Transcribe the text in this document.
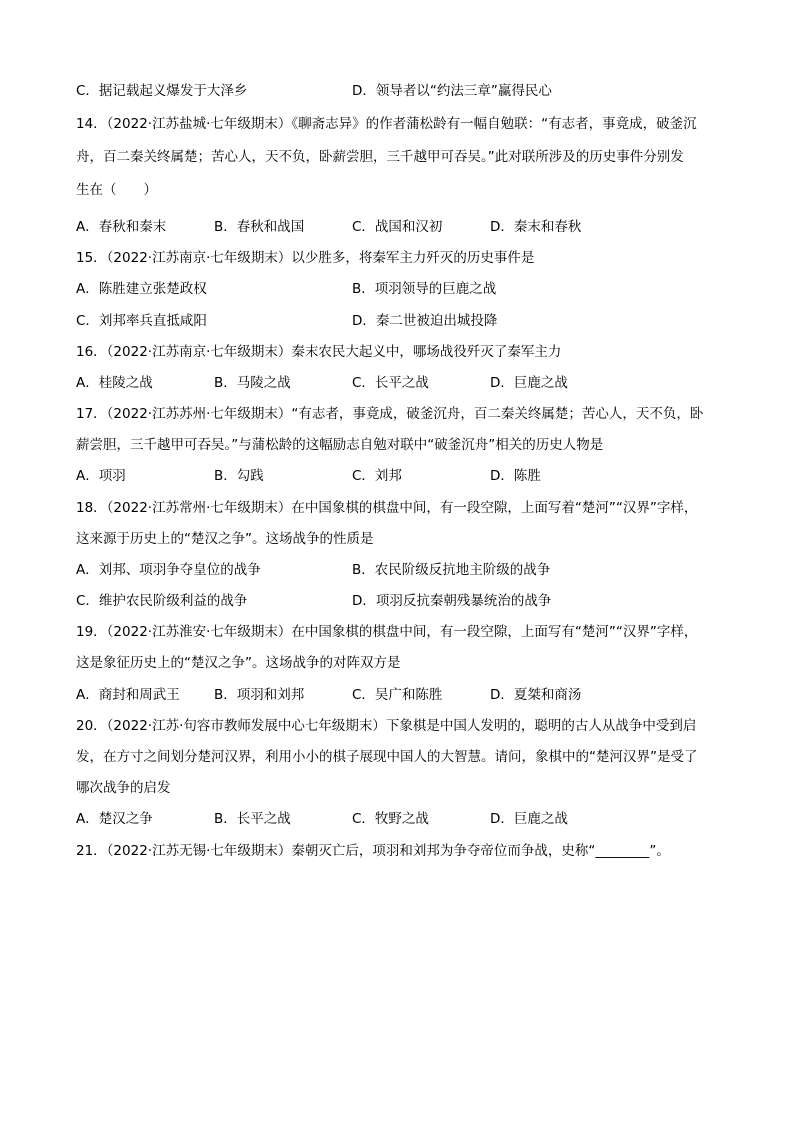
C．据记载起义爆发于大泽乡	D．领导者以“约法三章”赢得民心
14．（2022·江苏盐城·七年级期末）《聊斋志异》的作者蒲松龄有一幅自勉联：“有志者，事竟成，破釜沉
舟，百二秦关终属楚；苦心人，天不负，卧薪尝胆，三千越甲可吞吴。”此对联所涉及的历史事件分别发
生在（　　）
A．春秋和秦末	B．春秋和战国	C．战国和汉初	D．秦末和春秋
15．（2022·江苏南京·七年级期末）以少胜多，将秦军主力歼灭的历史事件是
A．陈胜建立张楚政权	B．项羽领导的巨鹿之战
C．刘邦率兵直抵咸阳	D．秦二世被迫出城投降
16．（2022·江苏南京·七年级期末）秦末农民大起义中，哪场战役歼灭了秦军主力
A．桂陵之战	B．马陵之战	C．长平之战	D．巨鹿之战
17．（2022·江苏苏州·七年级期末）“有志者，事竟成，破釜沉舟，百二秦关终属楚；苦心人，天不负，卧
薪尝胆，三千越甲可吞吴。”与蒲松龄的这幅励志自勉对联中“破釜沉舟”相关的历史人物是
A．项羽	B．勾践	C．刘邦	D．陈胜
18．（2022·江苏常州·七年级期末）在中国象棋的棋盘中间，有一段空隙，上面写着“楚河”“汉界”字样，
这来源于历史上的“楚汉之争”。这场战争的性质是
A．刘邦、项羽争夺皇位的战争	B．农民阶级反抗地主阶级的战争
C．维护农民阶级利益的战争	D．项羽反抗秦朝残暴统治的战争
19．（2022·江苏淮安·七年级期末）在中国象棋的棋盘中间，有一段空隙，上面写有“楚河”“汉界”字样，
这是象征历史上的“楚汉之争”。这场战争的对阵双方是
A．商封和周武王	B．项羽和刘邦	C．吴广和陈胜	D．夏桀和商汤
20．（2022·江苏·句容市教师发展中心七年级期末）下象棋是中国人发明的，聪明的古人从战争中受到启
发，在方寸之间划分楚河汉界，利用小小的棋子展现中国人的大智慧。请问，象棋中的“楚河汉界”是受了
哪次战争的启发
A．楚汉之争	B．长平之战	C．牧野之战	D．巨鹿之战
21．（2022·江苏无锡·七年级期末）秦朝灭亡后，项羽和刘邦为争夺帝位而争战，史称“________”。
